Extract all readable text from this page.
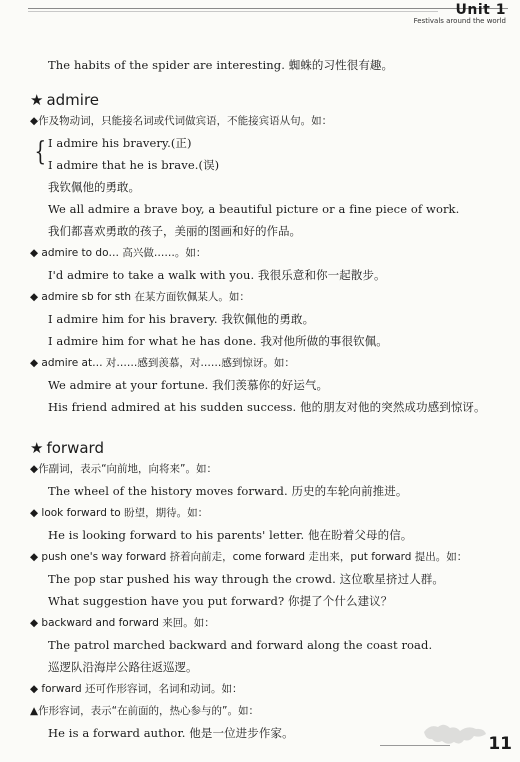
Unit 1
Festivals around the world
The habits of the spider are interesting. 蜘蛛的习性很有趣。
★ admire
◆作及物动词，只能接名词或代词做宾语，不能接宾语从句。如：
{ I admire his bravery.(正)
I admire that he is brave.(误)
我钦佩他的勇敢。
We all admire a brave boy, a beautiful picture or a fine piece of work.
我们都喜欢勇敢的孩子，美丽的图画和好的作品。
◆ admire to do… 高兴做……。如：
I'd admire to take a walk with you. 我很乐意和你一起散步。
◆ admire sb for sth 在某方面钦佩某人。如：
I admire him for his bravery. 我钦佩他的勇敢。
I admire him for what he has done. 我对他所做的事很钦佩。
◆ admire at… 对……感到羡慕，对……感到惊讶。如：
We admire at your fortune. 我们羡慕你的好运气。
His friend admired at his sudden success. 他的朋友对他的突然成功感到惊讶。
★ forward
◆作副词，表示“向前地，向将来”。如：
The wheel of the history moves forward. 历史的车轮向前推进。
◆ look forward to 盼望，期待。如：
He is looking forward to his parents' letter. 他在盼着父母的信。
◆ push one's way forward 挤着向前走，come forward 走出来，put forward 提出。如：
The pop star pushed his way through the crowd. 这位歌星挤过人群。
What suggestion have you put forward? 你提了个什么建议？
◆ backward and forward 来回。如：
The patrol marched backward and forward along the coast road.
巡逻队沿海岸公路往返巡逻。
◆ forward 还可作形容词，名词和动词。如：
▲作形容词，表示“在前面的，热心参与的”。如：
He is a forward author. 他是一位进步作家。
11
